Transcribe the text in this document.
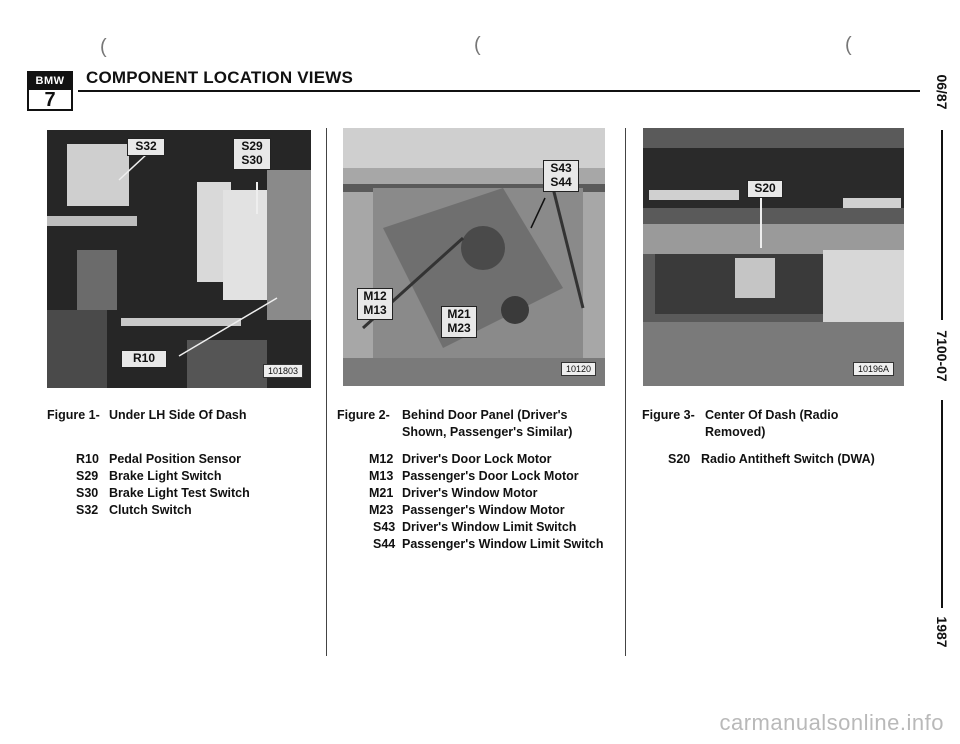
(	(	(
BMW
7
COMPONENT LOCATION VIEWS	06/87
7100-07
1987
S32	S29
S30
R10
101803
S43
S44
M12
M13	M21
M23
10120
S20
10196A
Figure 1- Under LH Side Of Dash
R10 Pedal Position Sensor
S29 Brake Light Switch
S30 Brake Light Test Switch
S32 Clutch Switch
Figure 2- Behind Door Panel (Driver's
Shown, Passenger's Similar)
M12 Driver's Door Lock Motor
M13 Passenger's Door Lock Motor
M21 Driver's Window Motor
M23 Passenger's Window Motor
S43 Driver's Window Limit Switch
S44 Passenger's Window Limit Switch
Figure 3- Center Of Dash (Radio
Removed)
S20 Radio Antitheft Switch (DWA)
carmanualsonline.info
